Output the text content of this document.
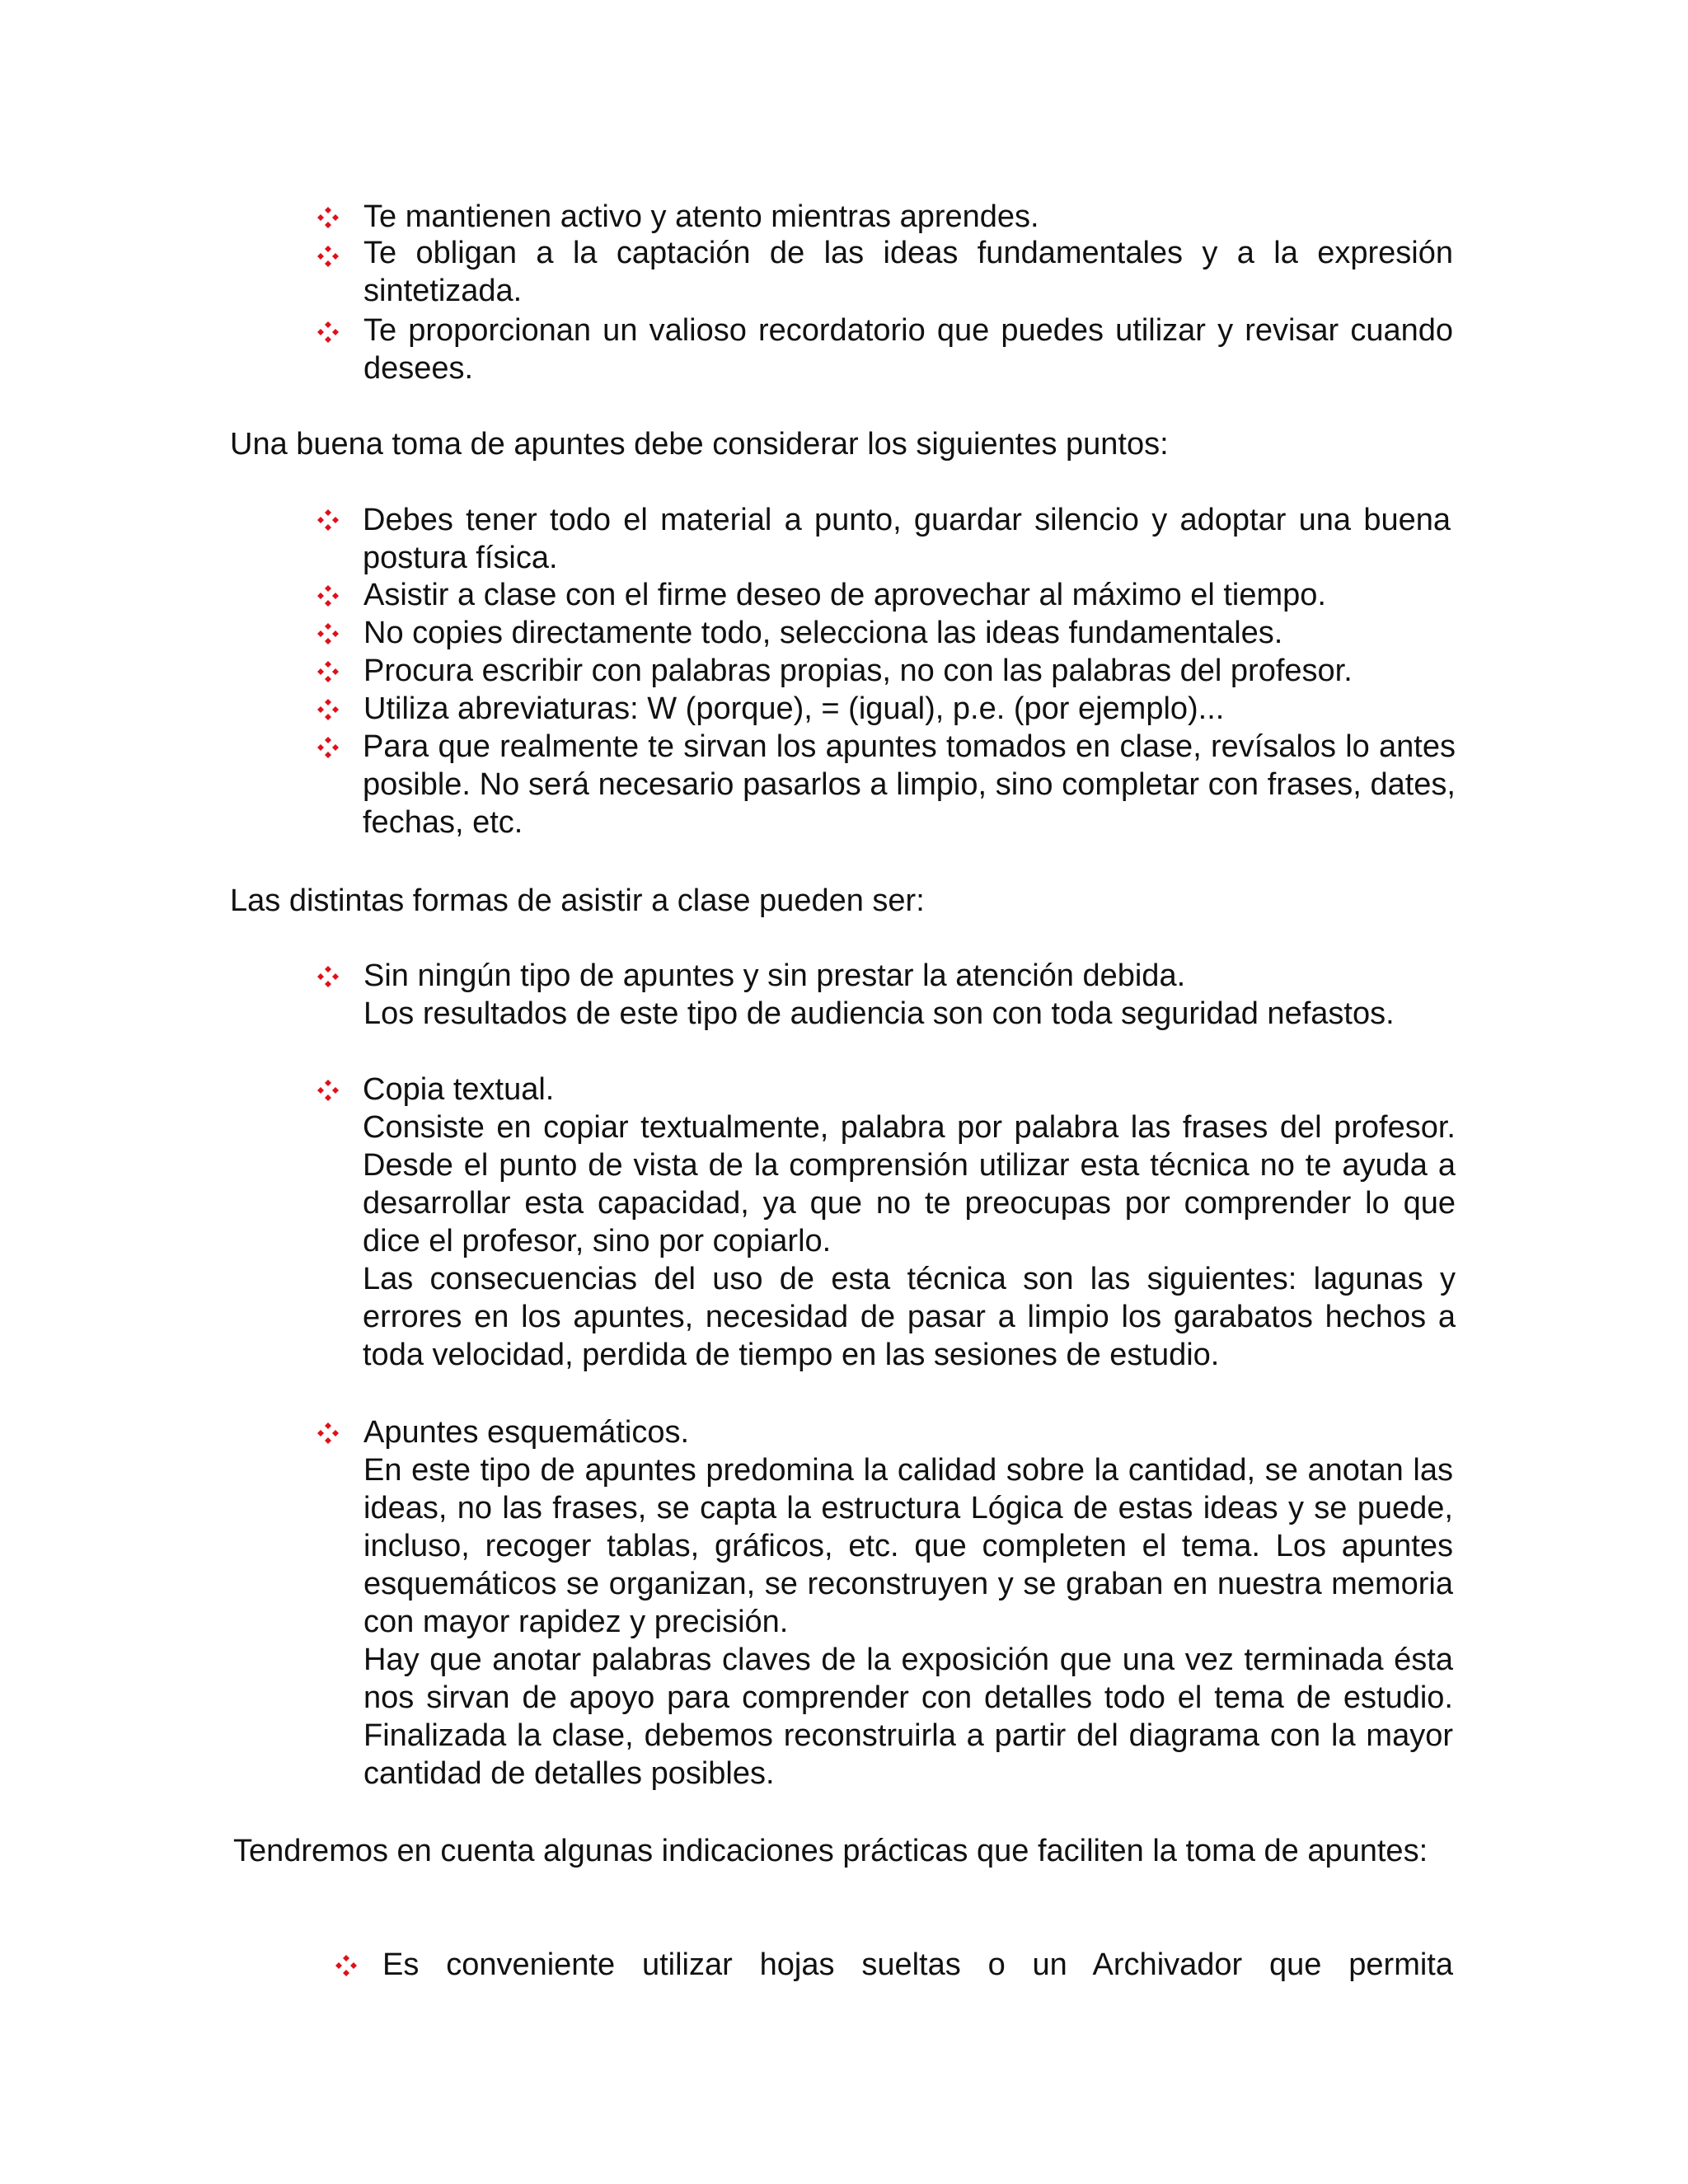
Te mantienen activo y atento mientras aprendes.
Te obligan a la captación de las ideas fundamentales y a la expresión sintetizada.
Te proporcionan un valioso recordatorio que puedes utilizar y revisar cuando desees.

Una buena toma de apuntes debe considerar los siguientes puntos:

Debes tener todo el material a punto, guardar silencio y adoptar una buena postura física.
Asistir a clase con el firme deseo de aprovechar al máximo el tiempo.
No copies directamente todo, selecciona las ideas fundamentales.
Procura escribir con palabras propias, no con las palabras del profesor.
Utiliza abreviaturas: W (porque), = (igual), p.e. (por ejemplo)...
Para que realmente te sirvan los apuntes tomados en clase, revísalos lo antes posible. No será necesario pasarlos a limpio, sino completar con frases, dates, fechas, etc.

Las distintas formas de asistir a clase pueden ser:

Sin ningún tipo de apuntes y sin prestar la atención debida.
Los resultados de este tipo de audiencia son con toda seguridad nefastos.
Copia textual.
Consiste en copiar textualmente, palabra por palabra las frases del profesor. Desde el punto de vista de la comprensión utilizar esta técnica no te ayuda a desarrollar esta capacidad, ya que no te preocupas por comprender lo que dice el profesor, sino por copiarlo.
Las consecuencias del uso de esta técnica son las siguientes: lagunas y errores en los apuntes, necesidad de pasar a limpio los garabatos hechos a toda velocidad, perdida de tiempo en las sesiones de estudio.
Apuntes esquemáticos.
En este tipo de apuntes predomina la calidad sobre la cantidad, se anotan las ideas, no las frases, se capta la estructura Lógica de estas ideas y se puede, incluso, recoger tablas, gráficos, etc. que completen el tema. Los apuntes esquemáticos se organizan, se reconstruyen y se graban en nuestra memoria con mayor rapidez y precisión.
Hay que anotar palabras claves de la exposición que una vez terminada ésta nos sirvan de apoyo para comprender con detalles todo el tema de estudio. Finalizada la clase, debemos reconstruirla a partir del diagrama con la mayor cantidad de detalles posibles.

Tendremos en cuenta algunas indicaciones prácticas que faciliten la toma de apuntes:

Es conveniente utilizar hojas sueltas o un Archivador que permita
